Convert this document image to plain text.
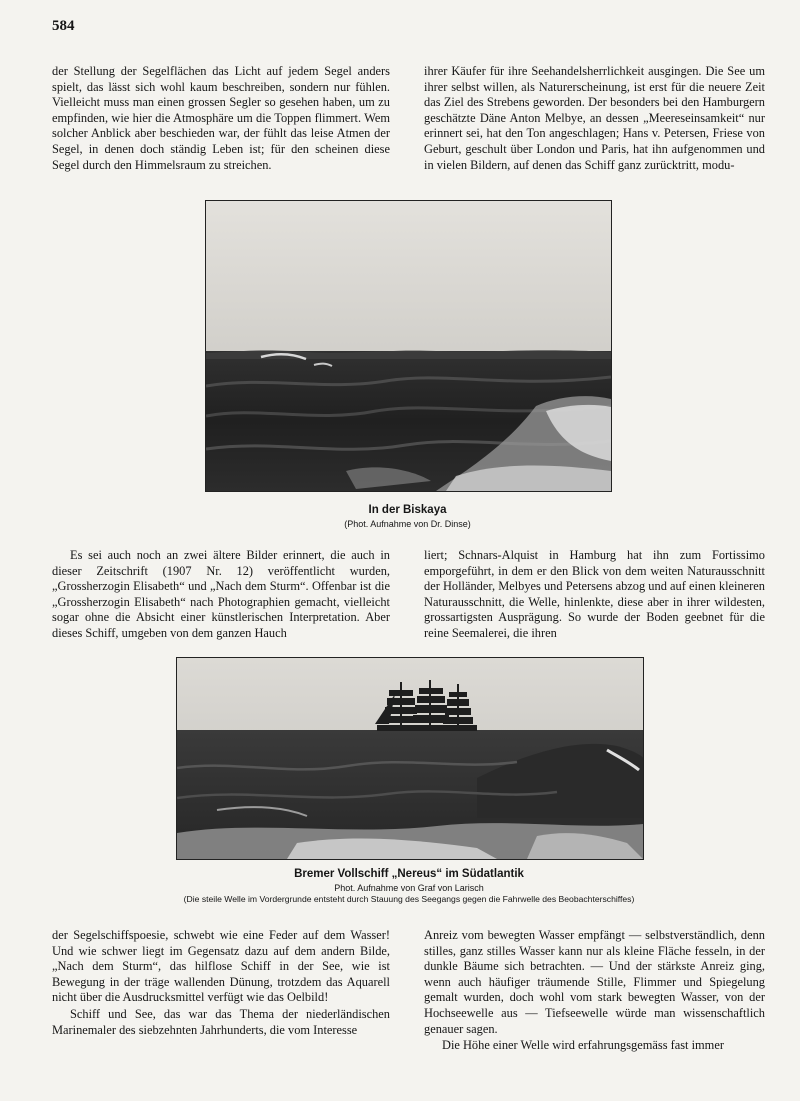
584

der Stellung der Segelflächen das Licht auf jedem Segel anders spielt, das lässt sich wohl kaum beschreiben, sondern nur fühlen. Vielleicht muss man einen grossen Segler so gesehen haben, um zu empfinden, wie hier die Atmosphäre um die Toppen flimmert. Wem solcher Anblick aber beschieden war, der fühlt das leise Atmen der Segel, in denen doch ständig Leben ist; für den scheinen diese Segel durch den Himmelsraum zu streichen.

ihrer Käufer für ihre Seehandelsherrlichkeit ausgingen. Die See um ihrer selbst willen, als Naturerscheinung, ist erst für die neuere Zeit das Ziel des Strebens geworden. Der besonders bei den Hamburgern geschätzte Däne Anton Melbye, an dessen „Meereseinsamkeit“ nur erinnert sei, hat den Ton angeschlagen; Hans v. Petersen, Friese von Geburt, geschult über London und Paris, hat ihn aufgenommen und in vielen Bildern, auf denen das Schiff ganz zurücktritt, modu-

In der Biskaya
(Phot. Aufnahme von Dr. Dinse)

Es sei auch noch an zwei ältere Bilder erinnert, die auch in dieser Zeitschrift (1907 Nr. 12) veröffentlicht wurden, „Grossherzogin Elisabeth“ und „Nach dem Sturm“. Offenbar ist die „Grossherzogin Elisabeth“ nach Photographien gemacht, vielleicht sogar ohne die Absicht einer künstlerischen Interpretation. Aber dieses Schiff, umgeben von dem ganzen Hauch

liert; Schnars-Alquist in Hamburg hat ihn zum Fortissimo emporgeführt, in dem er den Blick von dem weiten Naturausschnitt der Holländer, Melbyes und Petersens abzog und auf einen kleineren Naturausschnitt, die Welle, hinlenkte, diese aber in ihrer wildesten, grossartigsten Ausprägung. So wurde der Boden geebnet für die reine Seemalerei, die ihren

Bremer Vollschiff „Nereus“ im Südatlantik
Phot. Aufnahme von Graf von Larisch
(Die steile Welle im Vordergrunde entsteht durch Stauung des Seegangs gegen die Fahrwelle des Beobachterschiffes)

der Segelschiffspoesie, schwebt wie eine Feder auf dem Wasser! Und wie schwer liegt im Gegensatz dazu auf dem andern Bilde, „Nach dem Sturm“, das hilflose Schiff in der See, wie ist Bewegung in der träge wallenden Dünung, trotzdem das Aquarell nicht über die Ausdrucksmittel verfügt wie das Oelbild!

Schiff und See, das war das Thema der niederländischen Marinemaler des siebzehnten Jahrhunderts, die vom Interesse

Anreiz vom bewegten Wasser empfängt — selbstverständlich, denn stilles, ganz stilles Wasser kann nur als kleine Fläche fesseln, in der dunkle Bäume sich betrachten. — Und der stärkste Anreiz ging, wenn auch häufiger träumende Stille, Flimmer und Spiegelung gemalt wurden, doch wohl vom stark bewegten Wasser, von der Hochseewelle aus — Tiefseewelle würde man wissenschaftlich genauer sagen.

Die Höhe einer Welle wird erfahrungsgemäss fast immer
